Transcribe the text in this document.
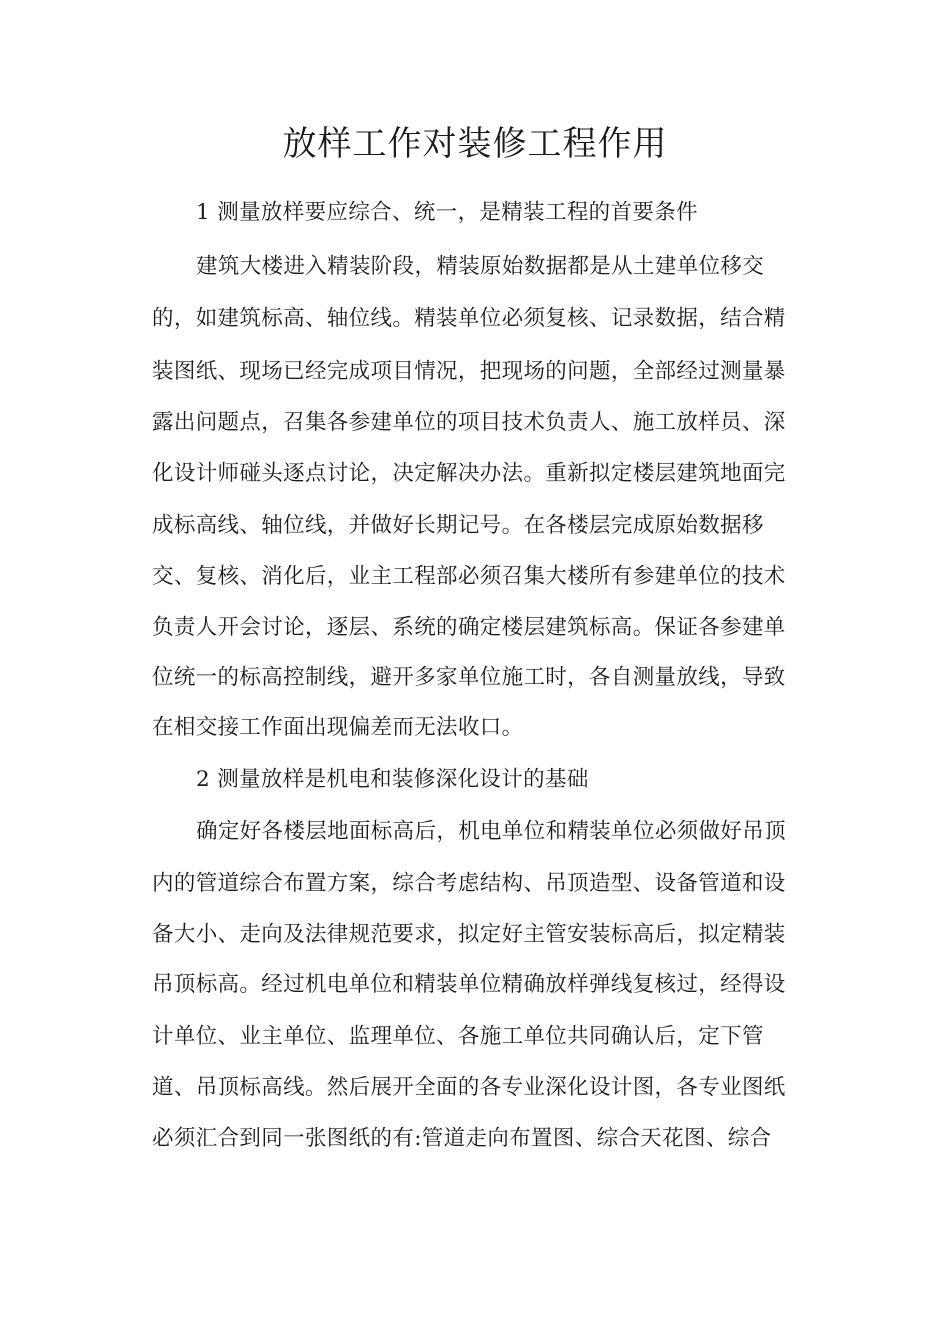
放样工作对装修工程作用
1 测量放样要应综合、统一，是精装工程的首要条件
建筑大楼进入精装阶段，精装原始数据都是从土建单位移交
的，如建筑标高、轴位线。精装单位必须复核、记录数据，结合精
装图纸、现场已经完成项目情况，把现场的问题，全部经过测量暴
露出问题点，召集各参建单位的项目技术负责人、施工放样员、深
化设计师碰头逐点讨论，决定解决办法。重新拟定楼层建筑地面完
成标高线、轴位线，并做好长期记号。在各楼层完成原始数据移
交、复核、消化后，业主工程部必须召集大楼所有参建单位的技术
负责人开会讨论，逐层、系统的确定楼层建筑标高。保证各参建单
位统一的标高控制线，避开多家单位施工时，各自测量放线，导致
在相交接工作面出现偏差而无法收口。
2 测量放样是机电和装修深化设计的基础
确定好各楼层地面标高后，机电单位和精装单位必须做好吊顶
内的管道综合布置方案，综合考虑结构、吊顶造型、设备管道和设
备大小、走向及法律规范要求，拟定好主管安装标高后，拟定精装
吊顶标高。经过机电单位和精装单位精确放样弹线复核过，经得设
计单位、业主单位、监理单位、各施工单位共同确认后，定下管
道、吊顶标高线。然后展开全面的各专业深化设计图，各专业图纸
必须汇合到同一张图纸的有:管道走向布置图、综合天花图、综合
